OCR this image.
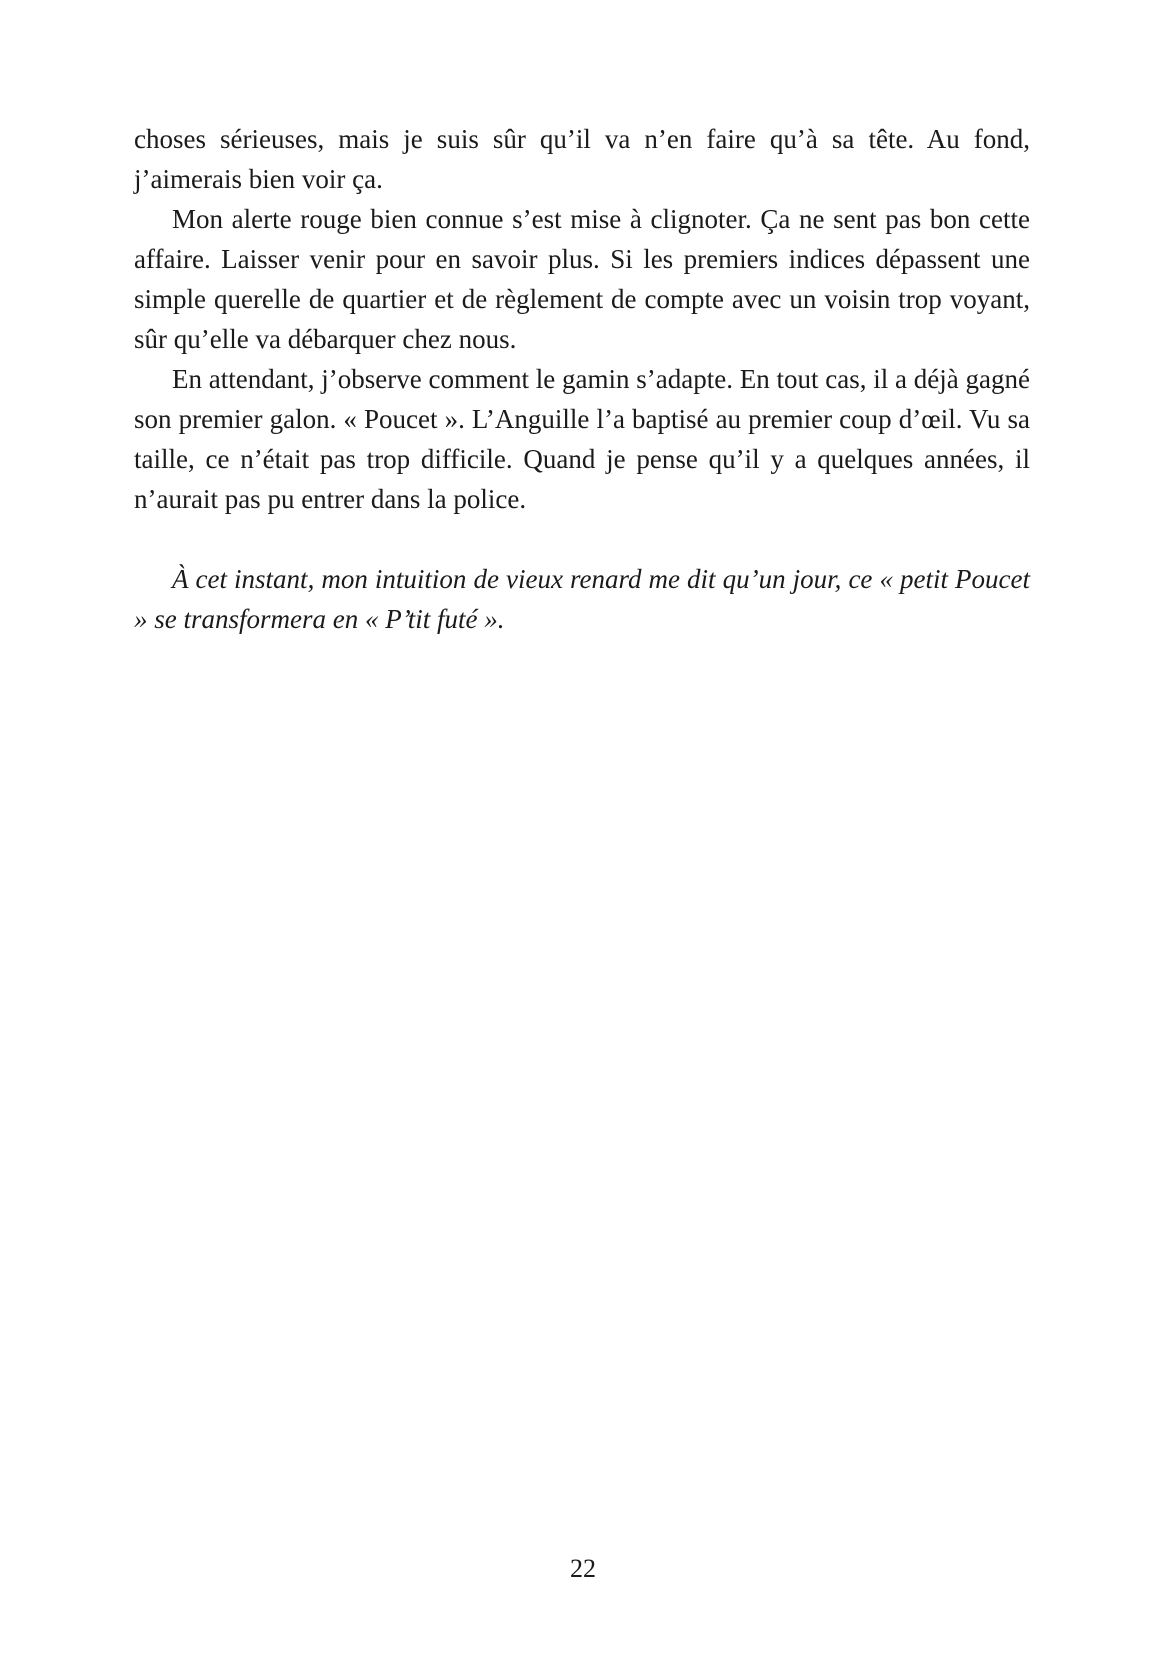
choses sérieuses, mais je suis sûr qu’il va n’en faire qu’à sa tête. Au fond, j’aimerais bien voir ça.

Mon alerte rouge bien connue s’est mise à clignoter. Ça ne sent pas bon cette affaire. Laisser venir pour en savoir plus. Si les premiers indices dépassent une simple querelle de quartier et de règlement de compte avec un voisin trop voyant, sûr qu’elle va débarquer chez nous.

En attendant, j’observe comment le gamin s’adapte. En tout cas, il a déjà gagné son premier galon. « Poucet ». L’Anguille l’a baptisé au premier coup d’œil. Vu sa taille, ce n’était pas trop difficile. Quand je pense qu’il y a quelques années, il n’aurait pas pu entrer dans la police.

À cet instant, mon intuition de vieux renard me dit qu’un jour, ce « petit Poucet » se transformera en « P’tit futé ».

22
